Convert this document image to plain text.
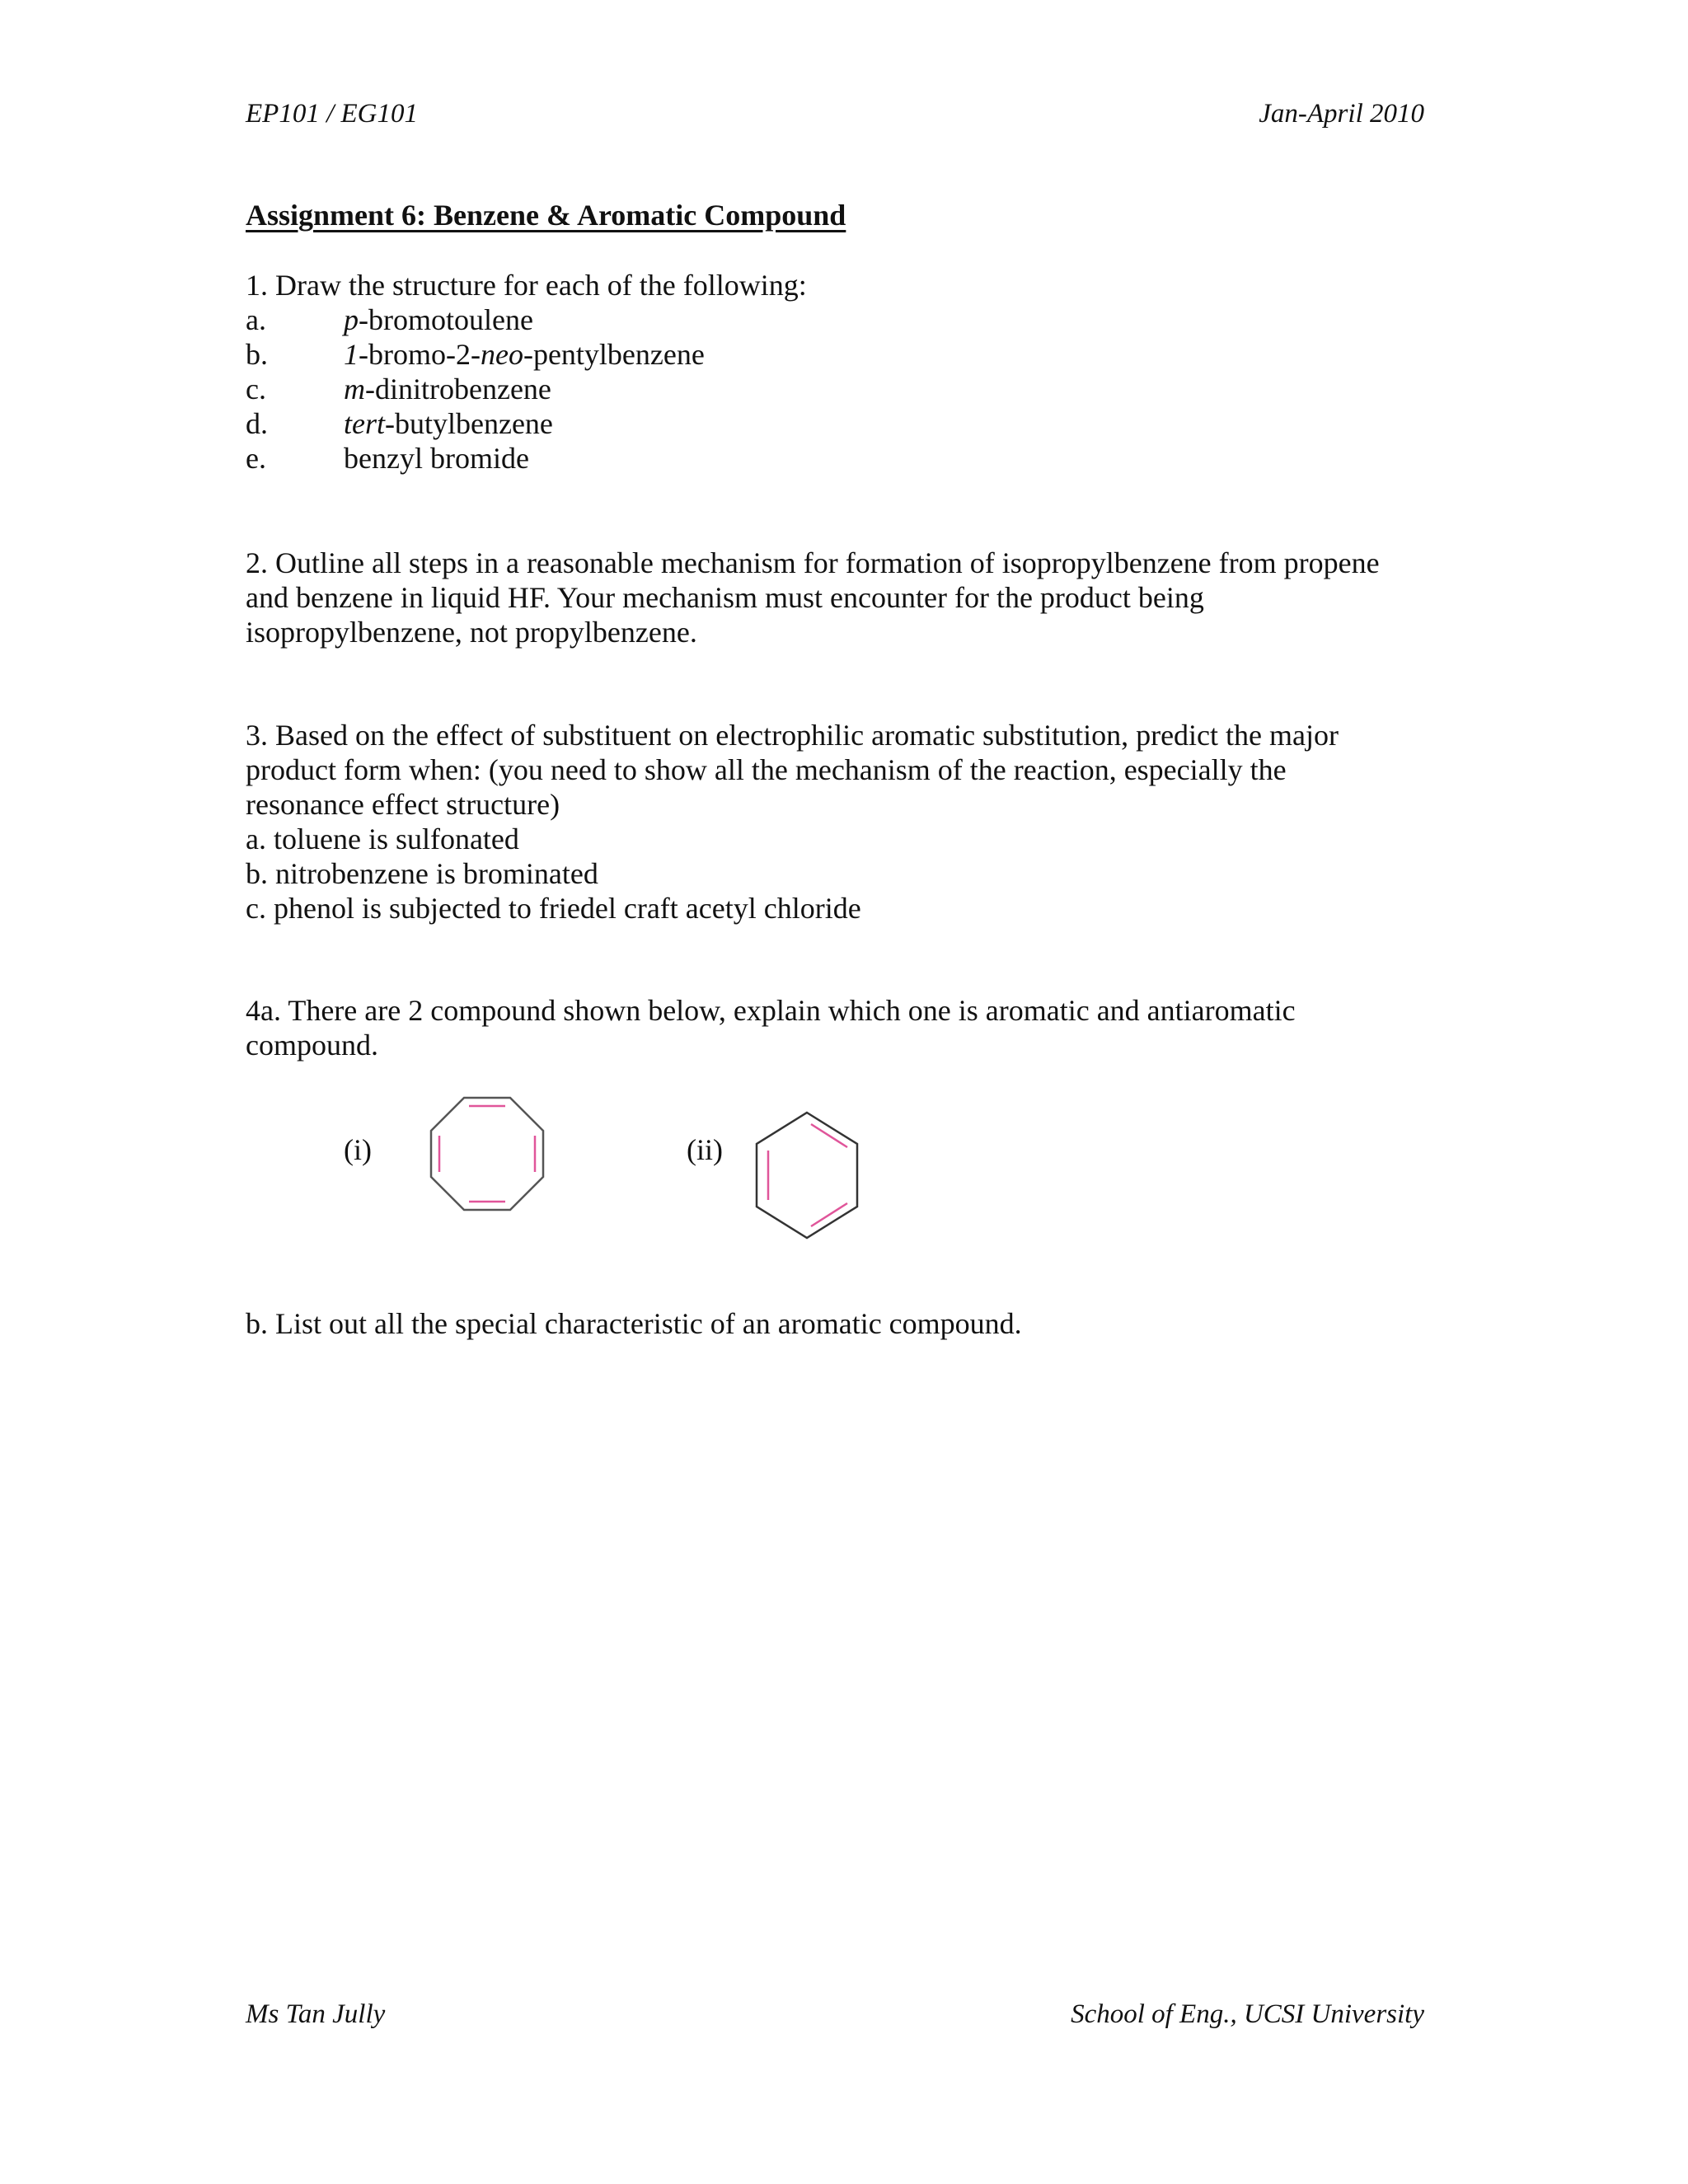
EP101 / EG101	Jan-April 2010
Assignment 6: Benzene & Aromatic Compound
1. Draw the structure for each of the following:
a.	p-bromotoulene
b.	1-bromo-2-neo-pentylbenzene
c.	m-dinitrobenzene
d.	tert-butylbenzene
e.	benzyl bromide
2. Outline all steps in a reasonable mechanism for formation of isopropylbenzene from propene
and benzene in liquid HF. Your mechanism must encounter for the product being
isopropylbenzene, not propylbenzene.
3. Based on the effect of substituent on electrophilic aromatic substitution, predict the major
product form when: (you need to show all the mechanism of the reaction, especially the
resonance effect structure)
a. toluene is sulfonated
b. nitrobenzene is brominated
c. phenol is subjected to friedel craft acetyl chloride
4a. There are 2 compound shown below, explain which one is aromatic and antiaromatic
compound.
(i)	(ii)
b. List out all the special characteristic of an aromatic compound.
Ms Tan Jully	School of Eng., UCSI University
